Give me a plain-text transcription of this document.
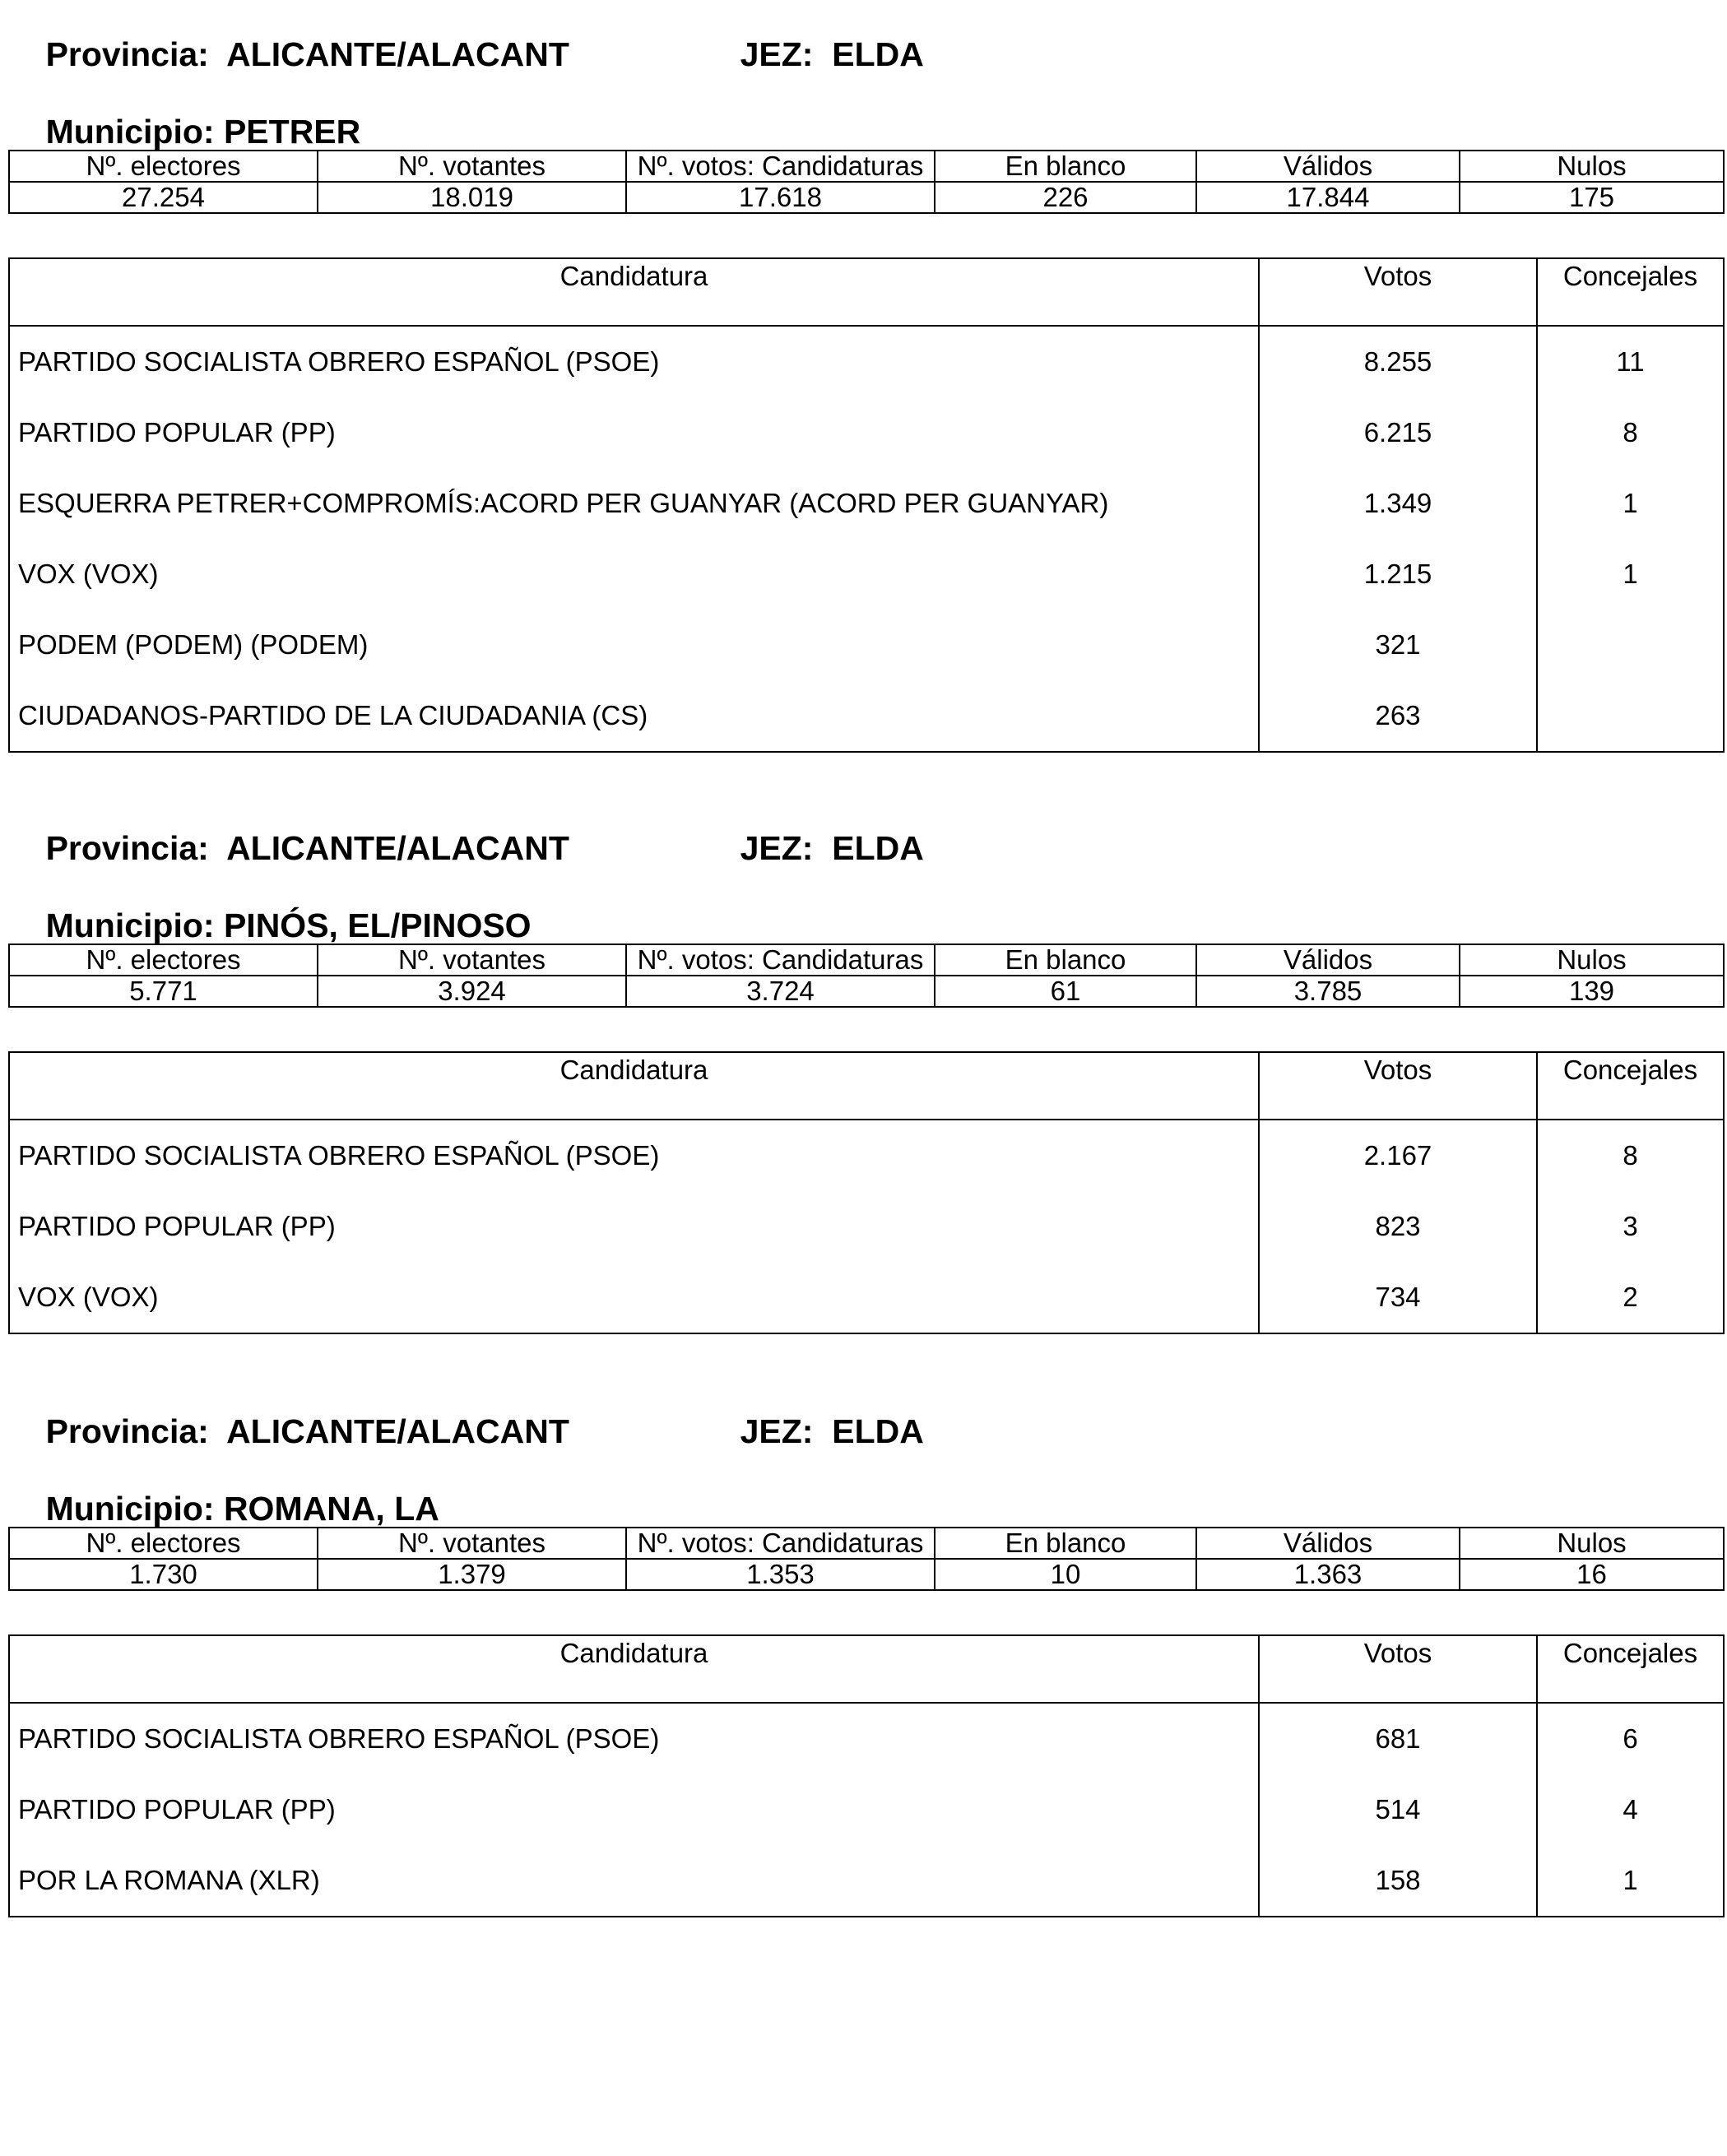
Provincia: ALICANTE/ALACANT
	JEZ: ELDA

Municipio: PETRER

Nº. electores	Nº. votantes	Nº. votos: Candidaturas	En blanco	Válidos	Nulos
27.254	18.019	17.618	226	17.844	175
Candidatura	Votos	Concejales
PARTIDO SOCIALISTA OBRERO ESPAÑOL (PSOE)	8.255	11
PARTIDO POPULAR (PP)	6.215	8
ESQUERRA PETRER+COMPROMÍS:ACORD PER GUANYAR (ACORD PER GUANYAR)	1.349	1
VOX (VOX)	1.215	1
PODEM (PODEM) (PODEM)	321	
CIUDADANOS-PARTIDO DE LA CIUDADANIA (CS)	263	

Provincia: ALICANTE/ALACANT
	JEZ: ELDA

Municipio: PINÓS, EL/PINOSO

Nº. electores	Nº. votantes	Nº. votos: Candidaturas	En blanco	Válidos	Nulos
5.771	3.924	3.724	61	3.785	139
Candidatura	Votos	Concejales
PARTIDO SOCIALISTA OBRERO ESPAÑOL (PSOE)	2.167	8
PARTIDO POPULAR (PP)	823	3
VOX (VOX)	734	2

Provincia: ALICANTE/ALACANT
	JEZ: ELDA

Municipio: ROMANA, LA

Nº. electores	Nº. votantes	Nº. votos: Candidaturas	En blanco	Válidos	Nulos
1.730	1.379	1.353	10	1.363	16
Candidatura	Votos	Concejales
PARTIDO SOCIALISTA OBRERO ESPAÑOL (PSOE)	681	6
PARTIDO POPULAR (PP)	514	4
POR LA ROMANA (XLR)	158	1
